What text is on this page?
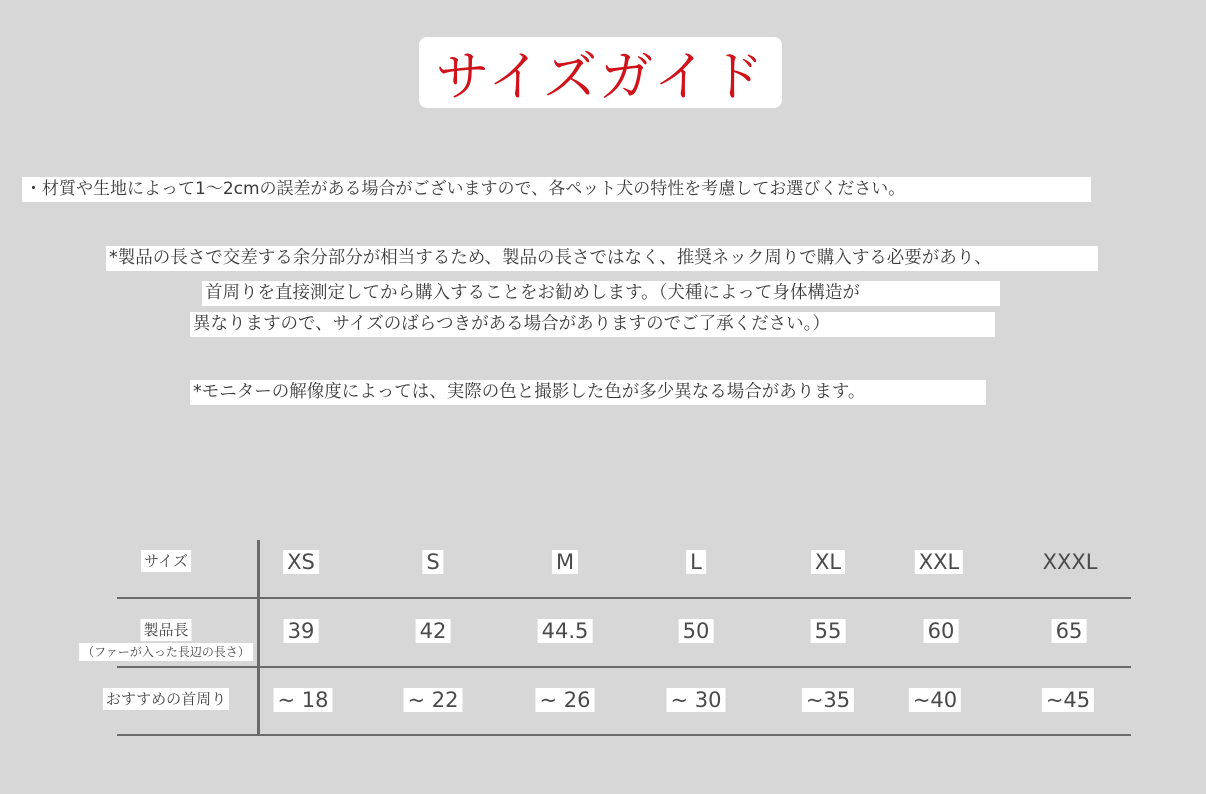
サイズガイド
・材質や生地によって1～2cmの誤差がある場合がございますので、各ペット犬の特性を考慮してお選びください。
*製品の長さで交差する余分部分が相当するため、製品の長さではなく、推奨ネック周りで購入する必要があり、
首周りを直接測定してから購入することをお勧めします。（犬種によって身体構造が
異なりますので、サイズのばらつきがある場合がありますのでご了承ください。）
*モニターの解像度によっては、実際の色と撮影した色が多少異なる場合があります。
サイズ	XS	S	M	L	XL	XXL	XXXL
製品長
（ファーが入った長辺の長さ）
39	42	44.5	50	55	60	65
おすすめの首周り ~ 18	~ 22	~ 26	~ 30	~35	~40	~45
